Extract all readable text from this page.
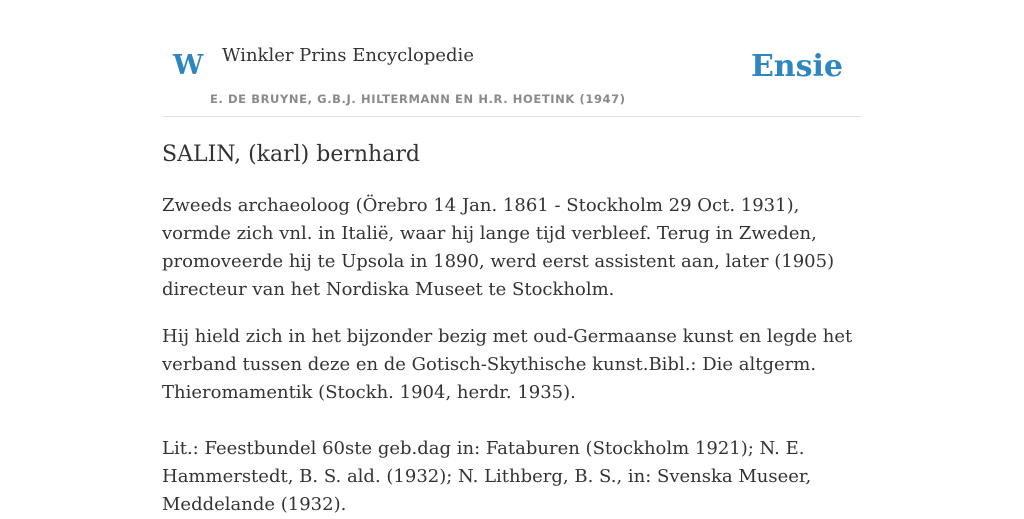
W Winkler Prins Encyclopedie
E. DE BRUYNE, G.B.J. HILTERMANN EN H.R. HOETINK (1947)
Ensie
SALIN, (karl) bernhard

Zweeds archaeoloog (Örebro 14 Jan. 1861 - Stockholm 29 Oct. 1931), vormde zich vnl. in Italië, waar hij lange tijd verbleef. Terug in Zweden, promoveerde hij te Upsola in 1890, werd eerst assistent aan, later (1905) directeur van het Nordiska Museet te Stockholm.

Hij hield zich in het bijzonder bezig met oud-Germaanse kunst en legde het verband tussen deze en de Gotisch-Skythische kunst.Bibl.: Die altgerm. Thieromamentik (Stockh. 1904, herdr. 1935).

Lit.: Feestbundel 60ste geb.dag in: Fataburen (Stockholm 1921); N. E. Hammerstedt, B. S. ald. (1932); N. Lithberg, B. S., in: Svenska Museer, Meddelande (1932).
